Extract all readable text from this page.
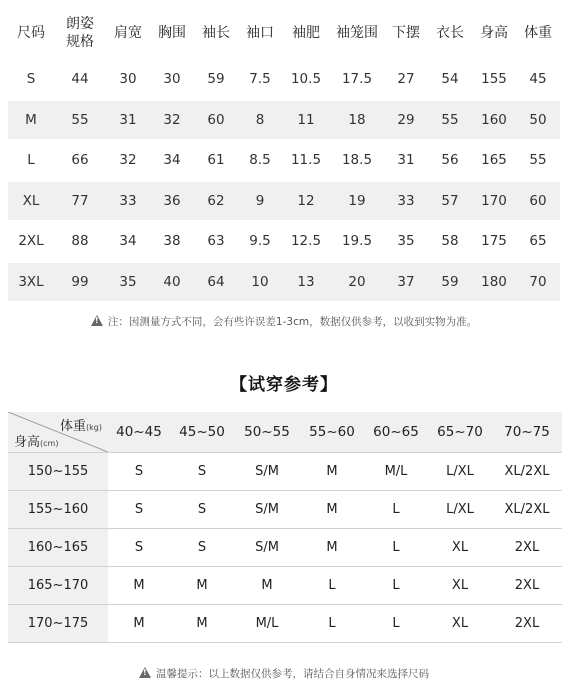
尺码	朗姿规格	肩宽	胸围	袖长	袖口	袖肥	袖笼围	下摆	衣长	身高	体重
S	44	30	30	59	7.5	10.5	17.5	27	54	155	45
M	55	31	32	60	8	11	18	29	55	160	50
L	66	32	34	61	8.5	11.5	18.5	31	56	165	55
XL	77	33	36	62	9	12	19	33	57	170	60
2XL	88	34	38	63	9.5	12.5	19.5	35	58	175	65
3XL	99	35	40	64	10	13	20	37	59	180	70
!注：因测量方式不同，会有些许误差1-3cm，数据仅供参考，以收到实物为准。
【试穿参考】
体重(kg)
身高(cm)	40~45	45~50	50~55	55~60	60~65	65~70	70~75
150~155	S	S	S/M	M	M/L	L/XL	XL/2XL
155~160	S	S	S/M	M	L	L/XL	XL/2XL
160~165	S	S	S/M	M	L	XL	2XL
165~170	M	M	M	L	L	XL	2XL
170~175	M	M	M/L	L	L	XL	2XL
!温馨提示：以上数据仅供参考，请结合自身情况来选择尺码
